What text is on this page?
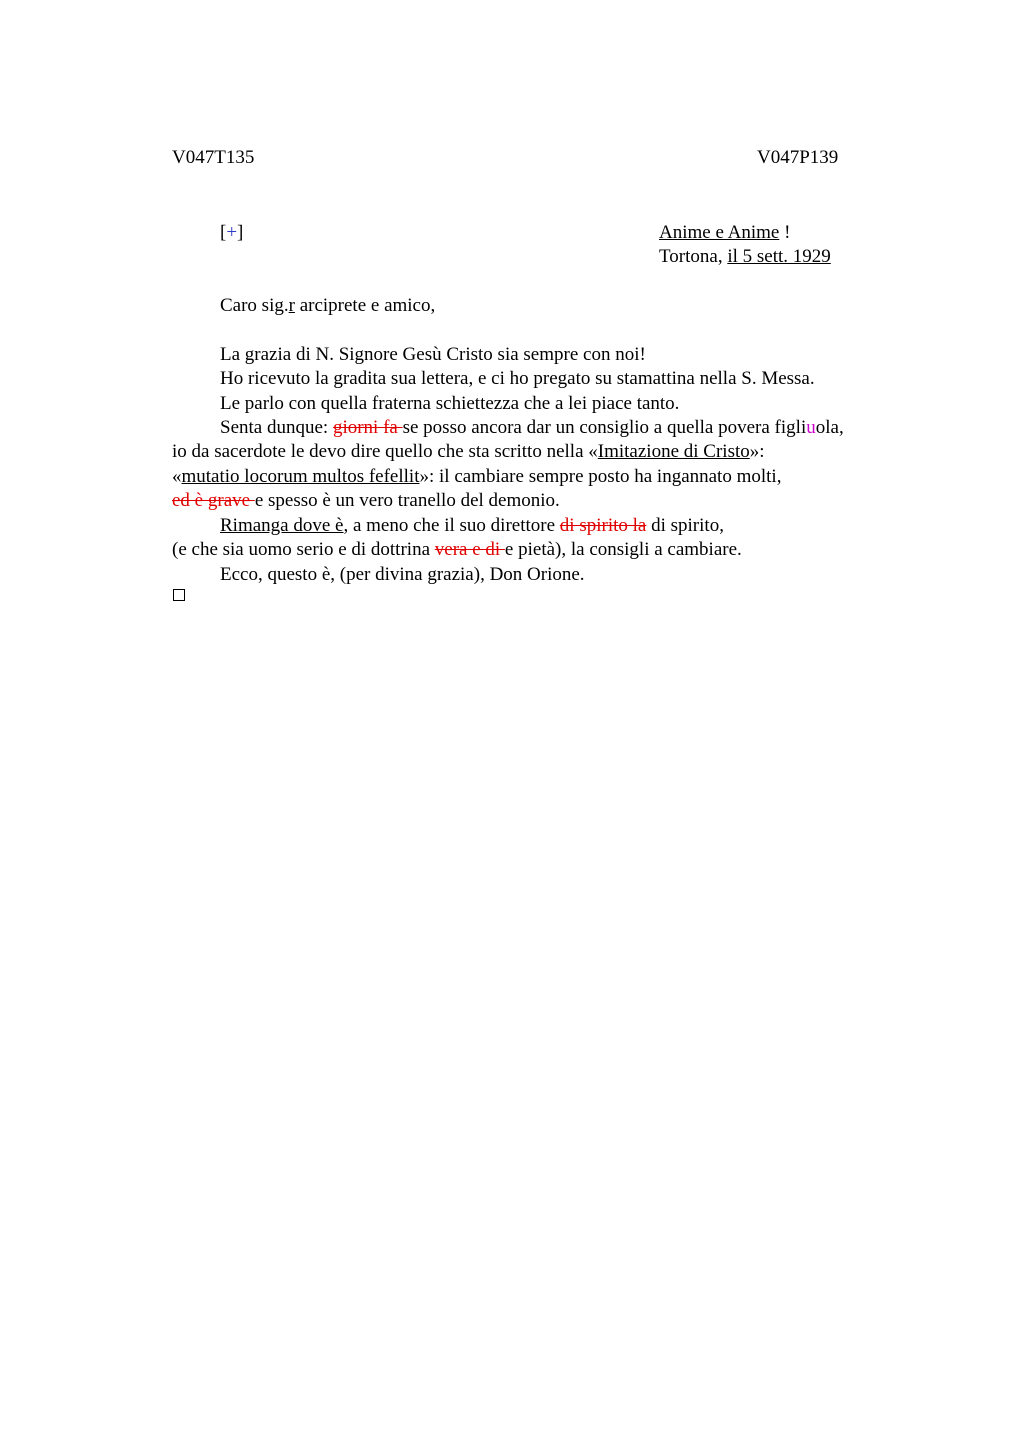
V047T135	V047P139
[+]	Anime e Anime !
Tortona, il 5 sett. 1929
Caro sig.r arciprete e amico,
La grazia di N. Signore Gesù Cristo sia sempre con noi!
Ho ricevuto la gradita sua lettera, e ci ho pregato su stamattina nella S. Messa.
Le parlo con quella fraterna schiettezza che a lei piace tanto.
Senta dunque: giorni fa se posso ancora dar un consiglio a quella povera figliuola,
io da sacerdote le devo dire quello che sta scritto nella «Imitazione di Cristo»:
«mutatio locorum multos fefellit»: il cambiare sempre posto ha ingannato molti,
ed è grave e spesso è un vero tranello del demonio.
Rimanga dove è, a meno che il suo direttore di spirito la di spirito,
(e che sia uomo serio e di dottrina vera e di e pietà), la consigli a cambiare.
Ecco, questo è, (per divina grazia), Don Orione.
